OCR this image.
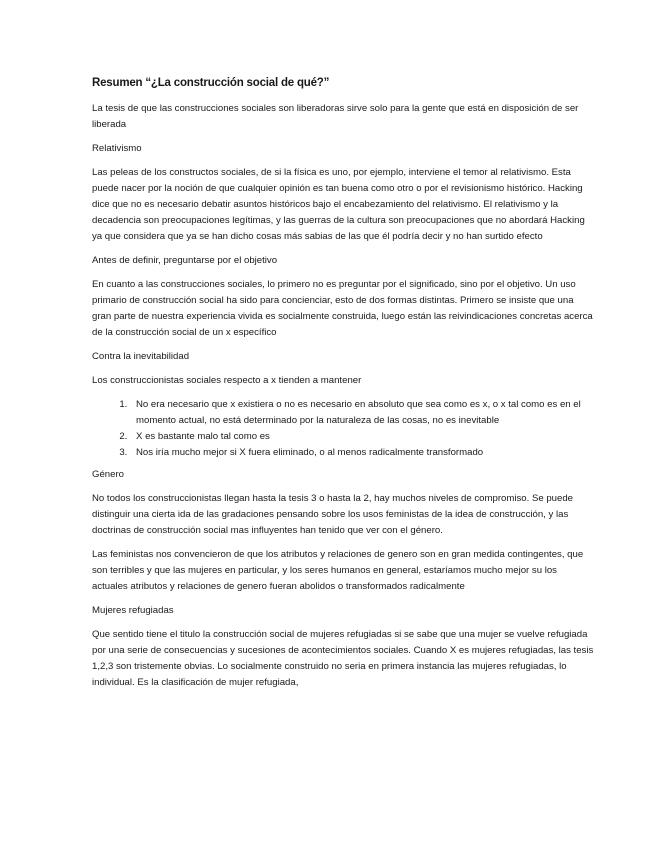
Resumen “¿La construcción social de qué?”

La tesis de que las construcciones sociales son liberadoras sirve solo para la gente que está en disposición de ser liberada

Relativismo

Las peleas de los constructos sociales, de si la física es uno, por ejemplo, interviene el temor al relativismo. Esta puede nacer por la noción de que cualquier opinión es tan buena como otro o por el revisionismo histórico. Hacking dice que no es necesario debatir asuntos históricos bajo el encabezamiento del relativismo. El relativismo y la decadencia son preocupaciones legítimas, y las guerras de la cultura son preocupaciones que no abordará Hacking ya que considera que ya se han dicho cosas más sabias de las que él podría decir y no han surtido efecto

Antes de definir, preguntarse por el objetivo

En cuanto a las construcciones sociales, lo primero no es preguntar por el significado, sino por el objetivo. Un uso primario de construcción social ha sido para concienciar, esto de dos formas distintas. Primero se insiste que una gran parte de nuestra experiencia vivida es socialmente construida, luego están las reivindicaciones concretas acerca de la construcción social de un x específico

Contra la inevitabilidad

Los construccionistas sociales respecto a x tienden a mantener

1. No era necesario que x existiera o no es necesario en absoluto que sea como es x, o x tal como es en el momento actual, no está determinado por la naturaleza de las cosas, no es inevitable
2. X es bastante malo tal como es
3. Nos iría mucho mejor si X fuera eliminado, o al menos radicalmente transformado

Género

No todos los construccionistas llegan hasta la tesis 3 o hasta la 2, hay muchos niveles de compromiso. Se puede distinguir una cierta ida de las gradaciones pensando sobre los usos feministas de la idea de construcción, y las doctrinas de construcción social mas influyentes han tenido que ver con el género.

Las feministas nos convencieron de que los atributos y relaciones de genero son en gran medida contingentes, que son terribles y que las mujeres en particular, y los seres humanos en general, estaríamos mucho mejor su los actuales atributos y relaciones de genero fueran abolidos o transformados radicalmente

Mujeres refugiadas

Que sentido tiene el titulo la construcción social de mujeres refugiadas si se sabe que una mujer se vuelve refugiada por una serie de consecuencias y sucesiones de acontecimientos sociales. Cuando X es mujeres refugiadas, las tesis 1,2,3 son tristemente obvias. Lo socialmente construido no seria en primera instancia las mujeres refugiadas, lo individual. Es la clasificación de mujer refugiada,
